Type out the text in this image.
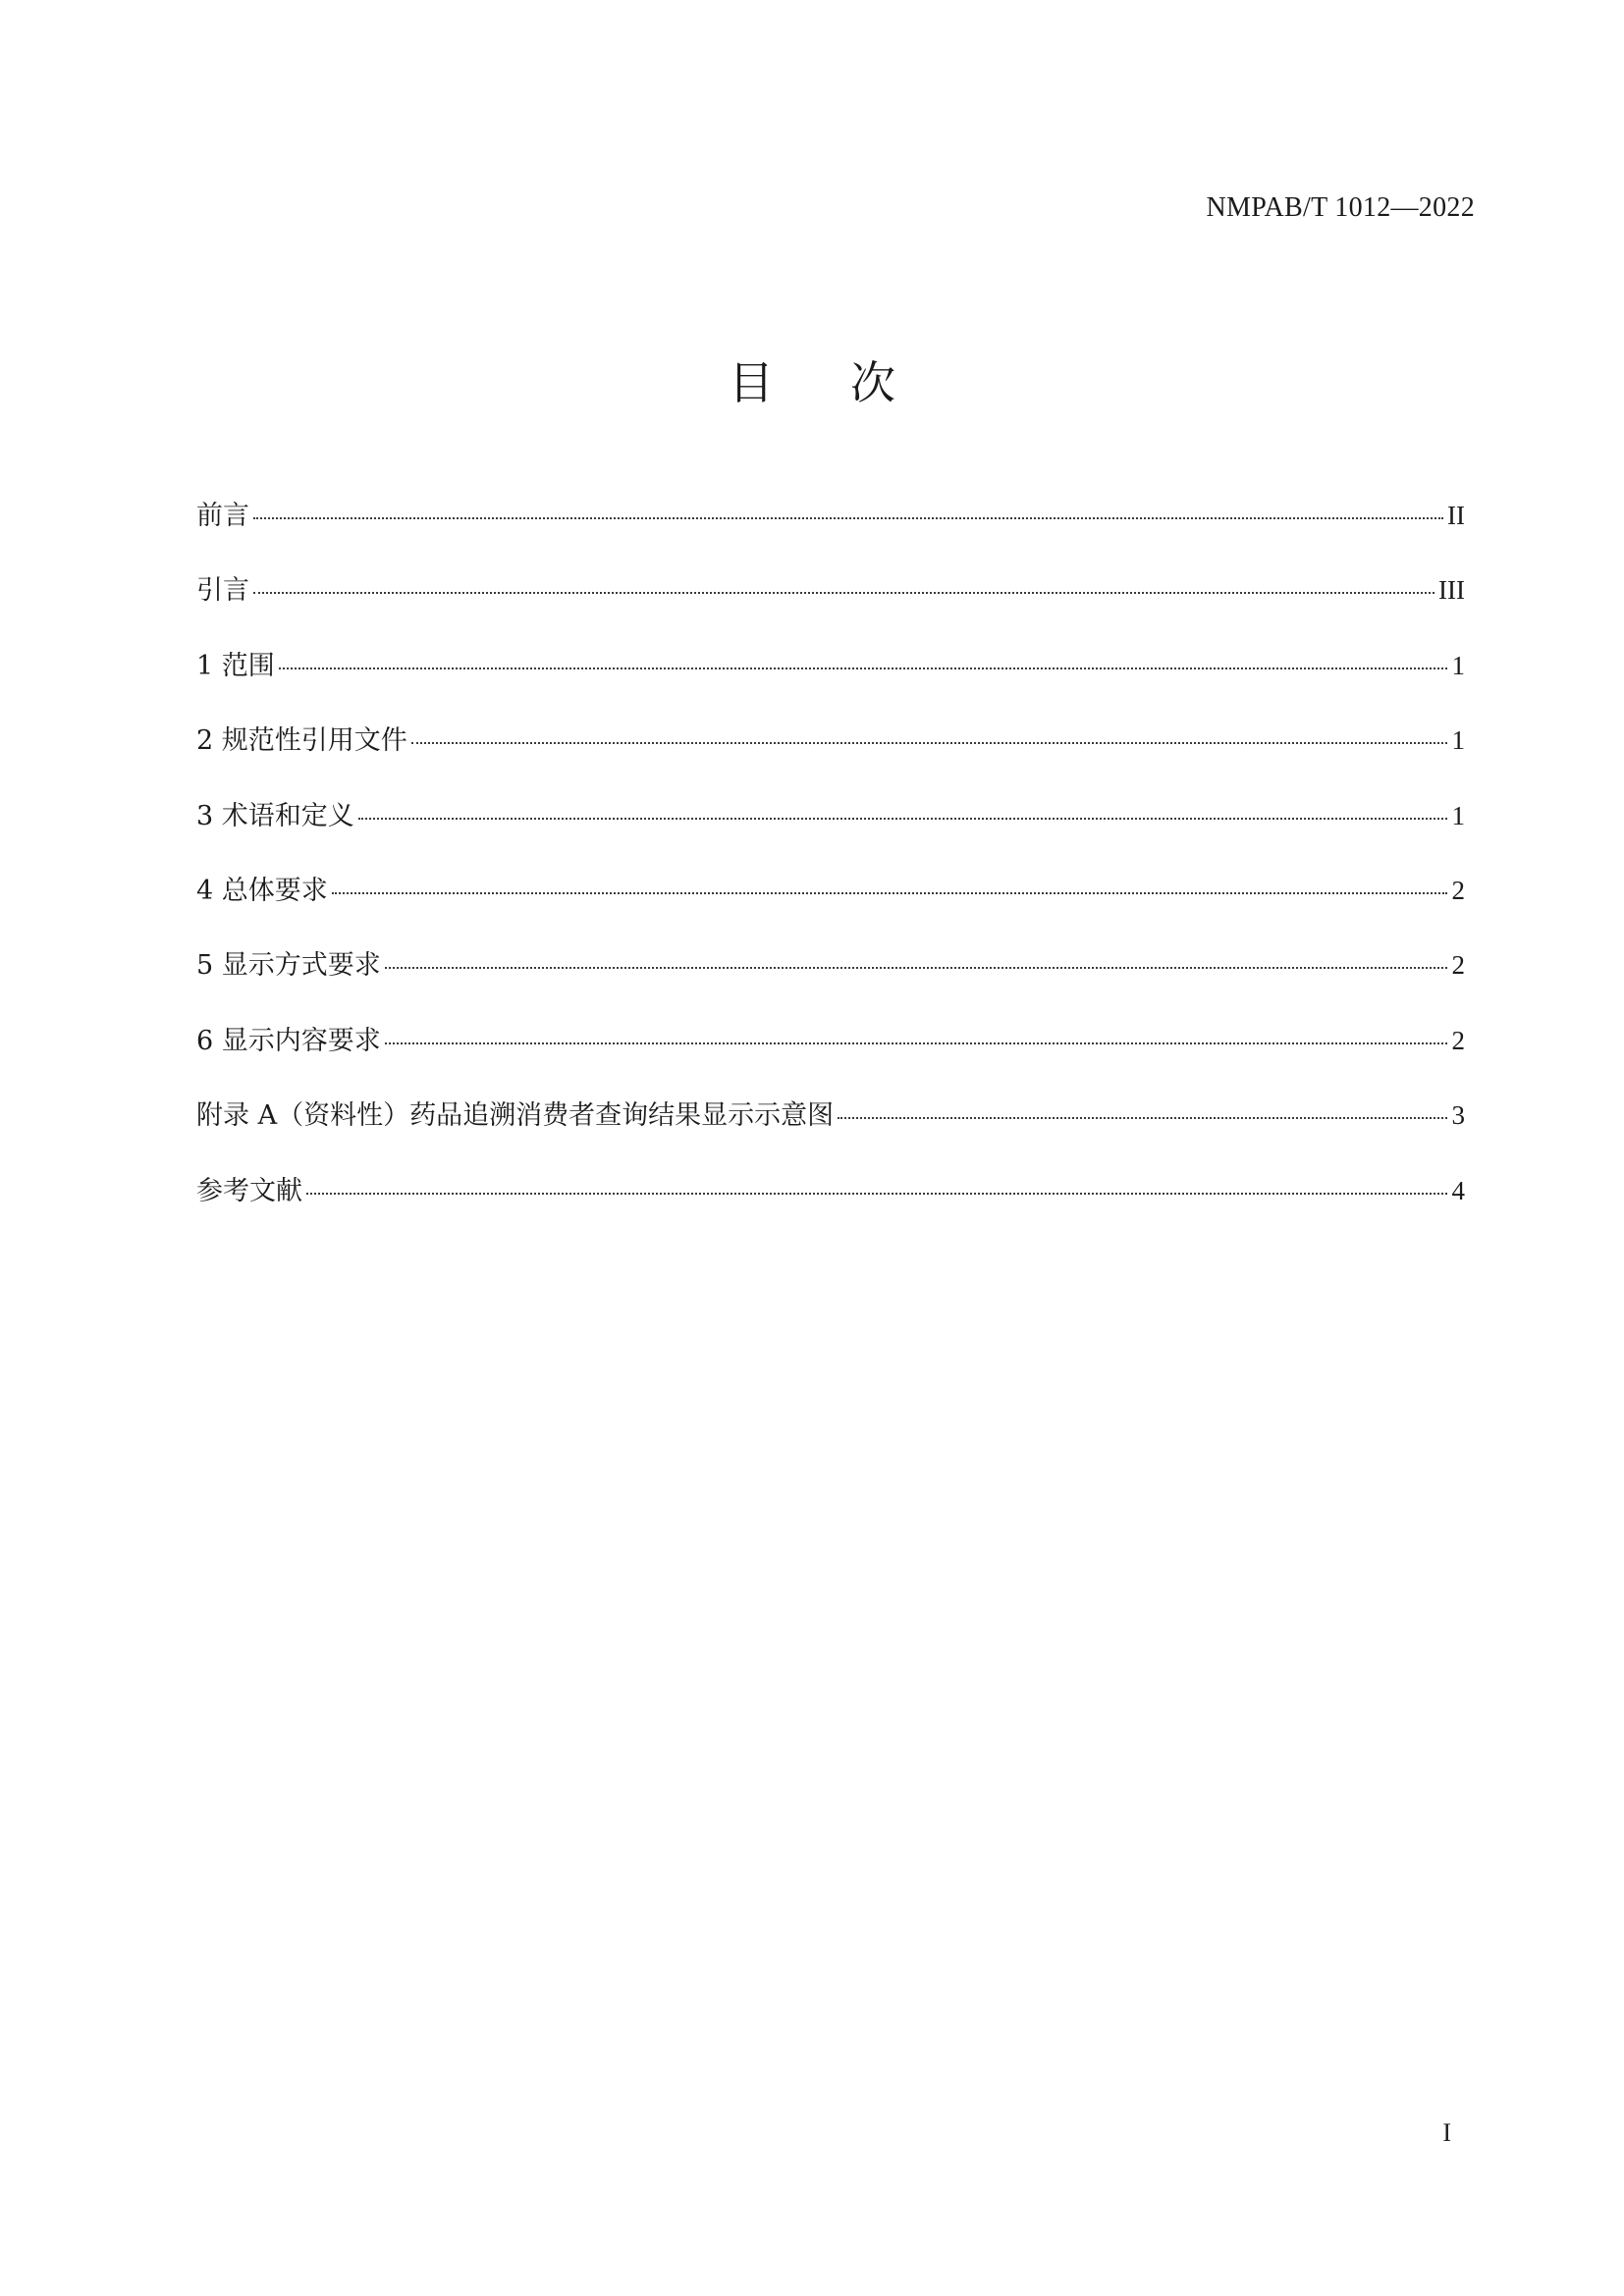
NMPAB/T 1012—2022
目次
前言	II
引言	III
1 范围	1
2 规范性引用文件	1
3 术语和定义	1
4 总体要求	2
5 显示方式要求	2
6 显示内容要求	2
附录 A（资料性）药品追溯消费者查询结果显示示意图	3
参考文献	4
I
